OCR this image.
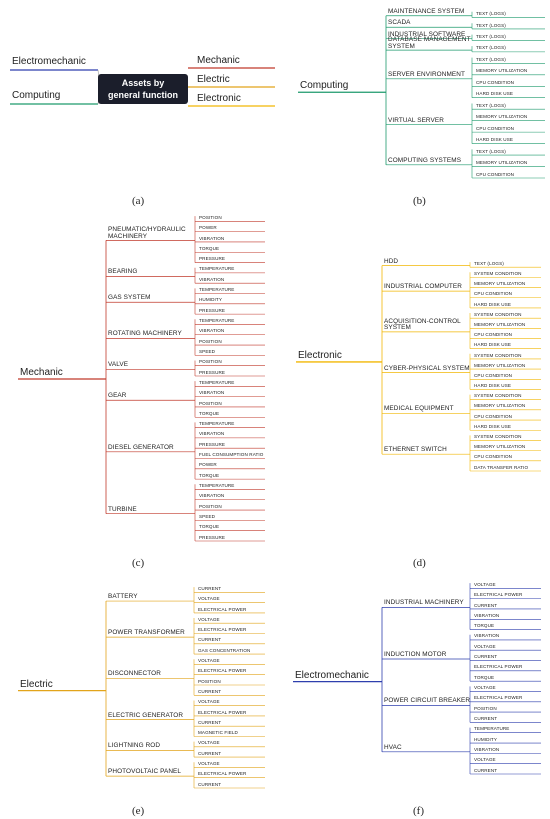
Electromechanic
Computing
Assets by
general function
Mechanic
Electric
Electronic
(a)
TEXT (LOGS)
MAINTENANCE SYSTEM
TEXT (LOGS)
SCADA
TEXT (LOGS)
INDUSTRIAL SOFTWARE
TEXT (LOGS)
DATABASE MANAGEMENT
SYSTEM
TEXT (LOGS)
MEMORY UTILIZATION
CPU CONDITION
HARD DISK USE
SERVER ENVIRONMENT
TEXT (LOGS)
MEMORY UTILIZATION
CPU CONDITION
HARD DISK USE
VIRTUAL SERVER
TEXT (LOGS)
MEMORY UTILIZATION
CPU CONDITION
COMPUTING SYSTEMS
Computing
(b)
POSITION
POWER
VIBRATION
TORQUE
PRESSURE
PNEUMATIC/HYDRAULIC
MACHINERY
TEMPERATURE
VIBRATION
BEARING
TEMPERATURE
HUMIDITY
PRESSURE
GAS SYSTEM
TEMPERATURE
VIBRATION
POSITION
SPEED
ROTATING MACHINERY
POSITION
PRESSURE
VALVE
TEMPERATURE
VIBRATION
POSITION
TORQUE
GEAR
TEMPERATURE
VIBRATION
PRESSURE
FUEL CONSUMPTION RATIO
POWER
TORQUE
DIESEL GENERATOR
TEMPERATURE
VIBRATION
POSITION
SPEED
TORQUE
PRESSURE
TURBINE
Mechanic
(c)
TEXT (LOGS)
HDD
SYSTEM CONDITION
MEMORY UTILIZATION
CPU CONDITION
HARD DISK USE
INDUSTRIAL COMPUTER
SYSTEM CONDITION
MEMORY UTILIZATION
CPU CONDITION
HARD DISK USE
ACQUISITION-CONTROL
SYSTEM
SYSTEM CONDITION
MEMORY UTILIZATION
CPU CONDITION
HARD DISK USE
CYBER-PHYSICAL SYSTEM
SYSTEM CONDITION
MEMORY UTILIZATION
CPU CONDITION
HARD DISK USE
MEDICAL EQUIPMENT
SYSTEM CONDITION
MEMORY UTILIZATION
CPU CONDITION
DATA TRANSFER RATIO
ETHERNET SWITCH
Electronic
(d)
CURRENT
VOLTAGE
ELECTRICAL POWER
BATTERY
VOLTAGE
ELECTRICAL POWER
CURRENT
GAS CONCENTRATION
POWER TRANSFORMER
VOLTAGE
ELECTRICAL POWER
POSITION
CURRENT
DISCONNECTOR
VOLTAGE
ELECTRICAL POWER
CURRENT
MAGNETIC FIELD
ELECTRIC GENERATOR
VOLTAGE
CURRENT
LIGHTNING ROD
VOLTAGE
ELECTRICAL POWER
CURRENT
PHOTOVOLTAIC PANEL
Electric
(e)
VOLTAGE
ELECTRICAL POWER
CURRENT
VIBRATION
TORQUE
INDUSTRIAL MACHINERY
VIBRATION
VOLTAGE
CURRENT
ELECTRICAL POWER
TORQUE
INDUCTION MOTOR
VOLTAGE
ELECTRICAL POWER
POSITION
CURRENT
POWER CIRCUIT BREAKER
TEMPERATURE
HUMIDITY
VIBRATION
VOLTAGE
CURRENT
HVAC
Electromechanic
(f)
